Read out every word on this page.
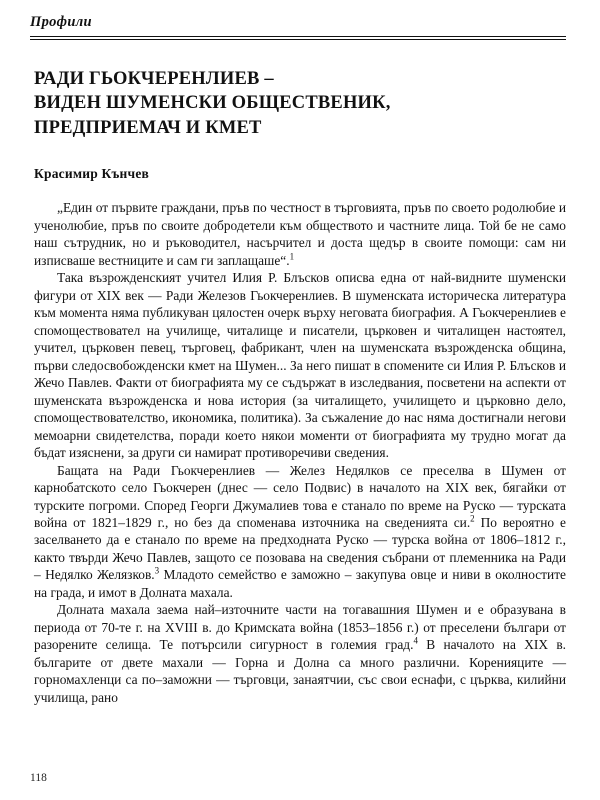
Профили
РАДИ ГЬОКЧЕРЕНЛИЕВ –
ВИДЕН ШУМЕНСКИ ОБЩЕСТВЕНИК,
ПРЕДПРИЕМАЧ И КМЕТ
Красимир Кънчев

„Един от първите граждани, пръв по честност в търговията, пръв по своето родолюбие и ученолюбие, пръв по своите добродетели към обществото и частните лица. Той бе не само наш сътрудник, но и ръководител, насърчител и доста щедър в своите помощи: сам ни изписваше вестниците и сам ги заплащаше“.$^1$

Така възрожденският учител Илия Р. Блъсков описва една от най-видните шуменски фигури от XIX век — Ради Железов Гьокчеренлиев. В шуменската историческа литература към момента няма публикуван цялостен очерк върху неговата биография. А Гьокчеренлиев е спомоществовател на училище, читалище и писатели, църковен и читалищен настоятел, учител, църковен певец, търговец, фабрикант, член на шуменската възрожденска община, първи следосвобожденски кмет на Шумен... За него пишат в спомените си Илия Р. Блъсков и Жечо Павлев. Факти от биографията му се съдържат в изследвания, посветени на аспекти от шуменската възрожденска и нова история (за читалището, училището и църковно дело, спомоществователство, икономика, политика). За съжаление до нас няма достигнали негови мемоарни свидетелства, поради което някои моменти от биографията му трудно могат да бъдат изяснени, за други си намират противоречиви сведения.

Бащата на Ради Гьокчеренлиев — Желез Недялков се преселва в Шумен от карнобатското село Гьокчерен (днес — село Подвис) в началото на XIX век, бягайки от турските погроми. Според Георги Джумалиев това е станало по време на Руско — турската война от 1821–1829 г., но без да споменава източника на сведенията си.$^2$ По вероятно е заселването да е станало по време на предходната Руско — турска война от 1806–1812 г., както твърди Жечо Павлев, защото се позовава на сведения събрани от племенника на Ради – Недялко Желязков.$^3$ Младото семейство е заможно – закупува овце и ниви в околностите на града, и имот в Долната махала.

Долната махала заема най–източните части на тогавашния Шумен и е образувана в периода от 70-те г. на XVIII в. до Кримската война (1853–1856 г.) от преселени българи от разорените селища. Те потърсили сигурност в големия град.$^4$ В началото на XIX в. българите от двете махали — Горна и Долна са много различни. Коренияците — горномахленци са по–заможни — търговци, занаятчии, със свои еснафи, с църква, килийни училища, рано

118
